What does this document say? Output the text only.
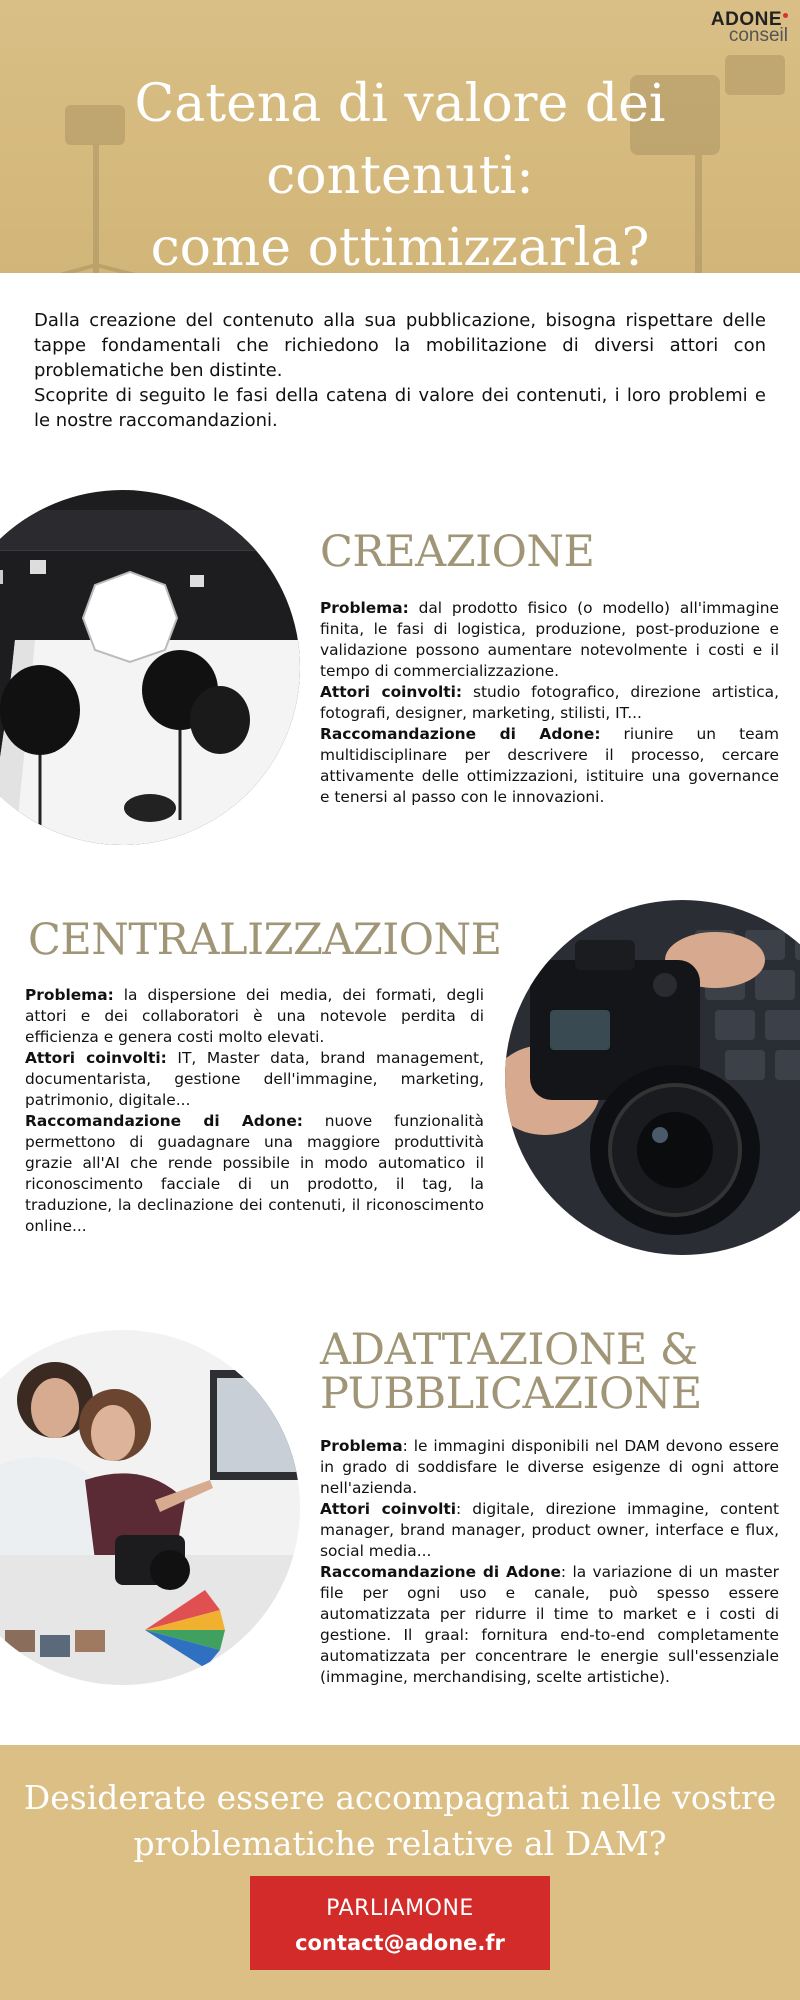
ADONE
conseil
Catena di valore dei contenuti:
come ottimizzarla?

Dalla creazione del contenuto alla sua pubblicazione, bisogna rispettare delle tappe fondamentali che richiedono la mobilitazione di diversi attori con problematiche ben distinte.

Scoprite di seguito le fasi della catena di valore dei contenuti, i loro problemi e le nostre raccomandazioni.

CREAZIONE

Problema: dal prodotto fisico (o modello) all'immagine finita, le fasi di logistica, produzione, post-produzione e validazione possono aumentare notevolmente i costi e il tempo di commercializzazione.

Attori coinvolti: studio fotografico, direzione artistica, fotografi, designer, marketing, stilisti, IT...

Raccomandazione di Adone: riunire un team multidisciplinare per descrivere il processo, cercare attivamente delle ottimizzazioni, istituire una governance e tenersi al passo con le innovazioni.

CENTRALIZZAZIONE

Problema: la dispersione dei media, dei formati, degli attori e dei collaboratori è una notevole perdita di efficienza e genera costi molto elevati.

Attori coinvolti: IT, Master data, brand management, documentarista, gestione dell'immagine, marketing, patrimonio, digitale...

Raccomandazione di Adone: nuove funzionalità permettono di guadagnare una maggiore produttività grazie all'AI che rende possibile in modo automatico il riconoscimento facciale di un prodotto, il tag, la traduzione, la declinazione dei contenuti, il riconoscimento online...

ADATTAZIONE &
PUBBLICAZIONE

Problema: le immagini disponibili nel DAM devono essere in grado di soddisfare le diverse esigenze di ogni attore nell'azienda.

Attori coinvolti: digitale, direzione immagine, content manager, brand manager, product owner, interface e flux, social media...

Raccomandazione di Adone: la variazione di un master file per ogni uso e canale, può spesso essere automatizzata per ridurre il time to market e i costi di gestione. Il graal: fornitura end-to-end completamente automatizzata per concentrare le energie sull'essenziale (immagine, merchandising, scelte artistiche).

Desiderate essere accompagnati nelle vostre
problematiche relative al DAM?
PARLIAMONE
contact@adone.fr
